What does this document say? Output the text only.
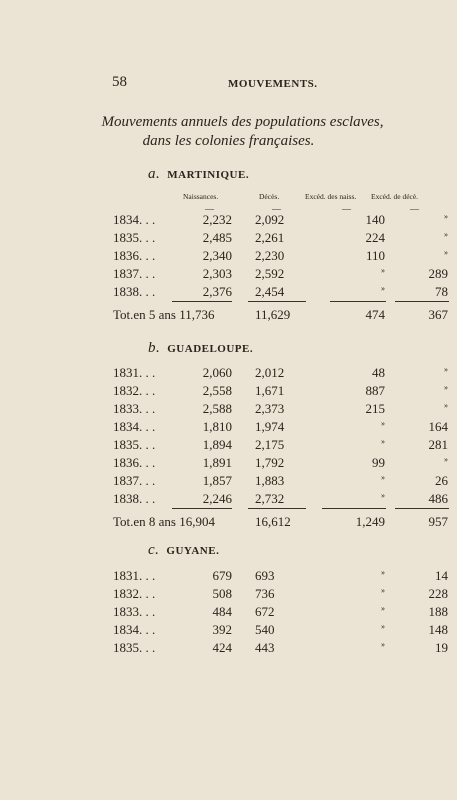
58	MOUVEMENTS.
Mouvements annuels des populations esclaves,
dans les colonies françaises.
a. MARTINIQUE.
Naissances.	Décès.	Excéd. des naiss. Excéd. de décè.
—	—	—	—
1834. . .	2,232 2,092	140	»
1835. . .	2,485 2,261	224	»
1836. . .	2,340 2,230	110	»
1837. . .	2,303 2,592	»	289
1838. . .	2,376 2,454	»	78
Tot.en 5 ans 11,736	11,629	474	367
b. GUADELOUPE.
1831. . .	2,060 2,012	48	»
1832. . .	2,558 1,671	887	»
1833. . .	2,588 2,373	215	»
1834. . .	1,810 1,974	»	164
1835. . .	1,894 2,175	»	281
1836. . .	1,891 1,792	99	»
1837. . .	1,857 1,883	»	26
1838. . .	2,246 2,732	»	486
Tot.en 8 ans 16,904	16,612	1,249	957
c. GUYANE.
1831. . .	679 693	»	14
1832. . .	508 736	»	228
1833. . .	484 672	»	188
1834. . .	392 540	»	148
1835. . .	424 443	»	19
